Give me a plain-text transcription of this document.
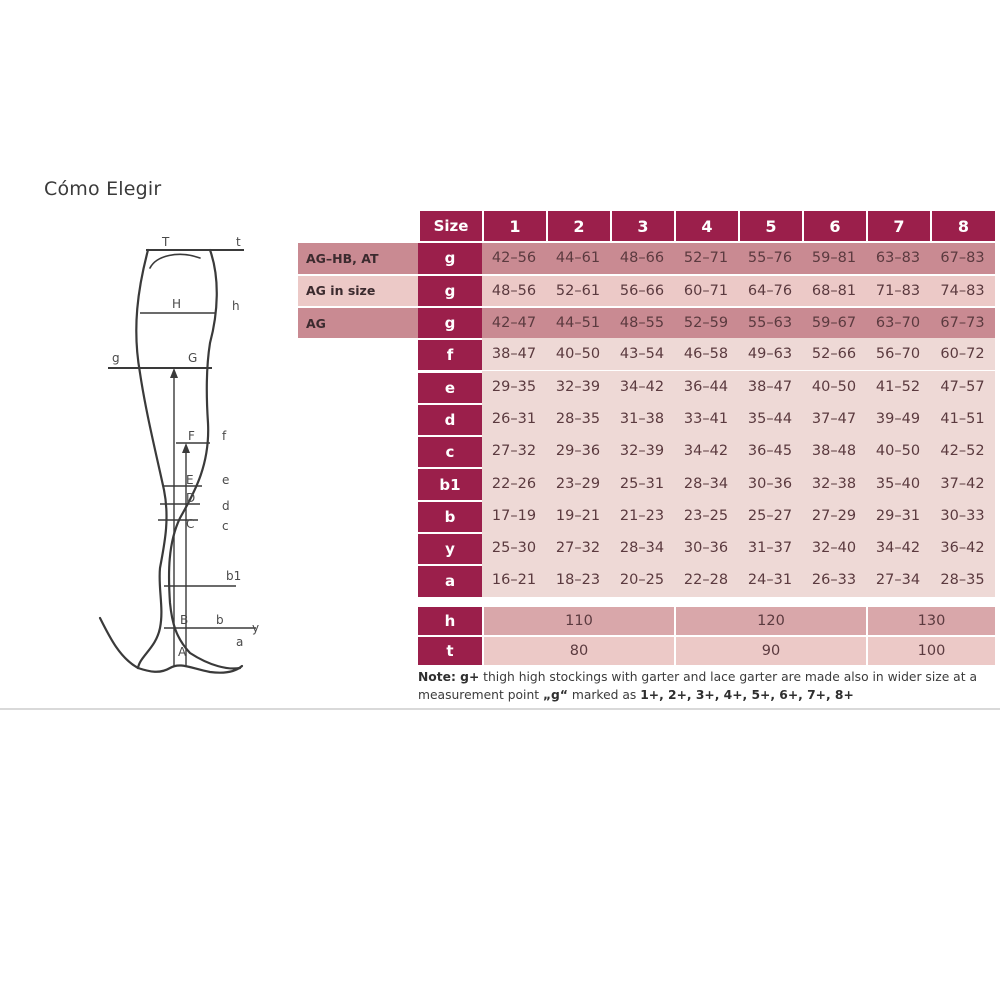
Cómo Elegir
T	t
H	h
g	G
F f
E e
D
d
C c
b1
B b
y
A
a
Size	1	2	3	4	5	6	7	8
AG–HB, AT	g	42–56	44–61	48–66	52–71	55–76	59–81	63–83	67–83
AG in size	g	48–56	52–61	56–66	60–71	64–76	68–81	71–83	74–83
AG	g	42–47	44–51	48–55	52–59	55–63	59–67	63–70	67–73
f	38–47	40–50	43–54	46–58	49–63	52–66	56–70	60–72
e	29–35	32–39	34–42	36–44	38–47	40–50	41–52	47–57
d	26–31	28–35	31–38	33–41	35–44	37–47	39–49	41–51
c	27–32	29–36	32–39	34–42	36–45	38–48	40–50	42–52
b1	22–26	23–29	25–31	28–34	30–36	32–38	35–40	37–42
b	17–19	19–21	21–23	23–25	25–27	27–29	29–31	30–33
y	25–30	27–32	28–34	30–36	31–37	32–40	34–42	36–42
a	16–21	18–23	20–25	22–28	24–31	26–33	27–34	28–35
h	110	120	130
t	80	90	100
Note: g+ thigh high stockings with garter and lace garter are made also in wider size at a measurement point „g“ marked as 1+, 2+, 3+, 4+, 5+, 6+, 7+, 8+
